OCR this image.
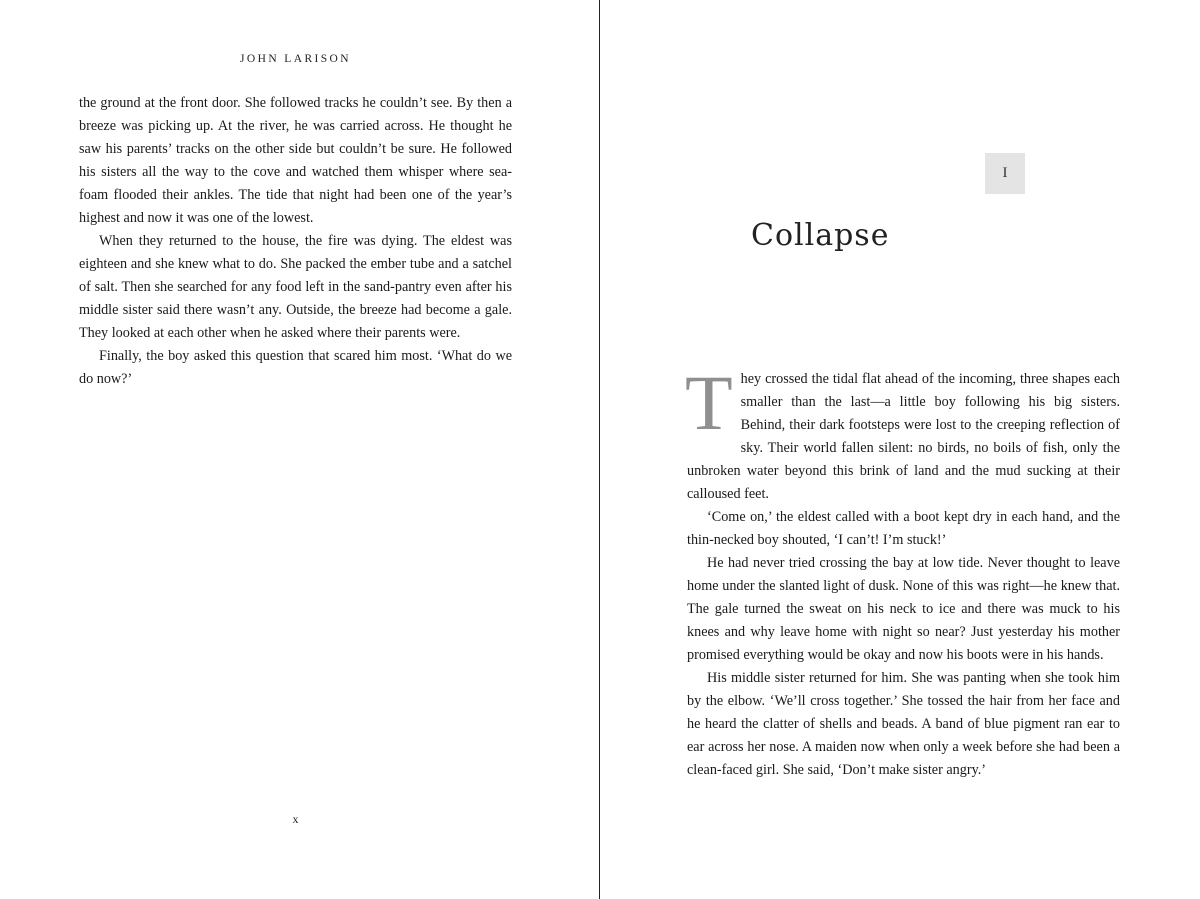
JOHN LARISON

the ground at the front door. She followed tracks he couldn’t see. By then a breeze was picking up. At the river, he was carried across. He thought he saw his parents’ tracks on the other side but couldn’t be sure. He followed his sisters all the way to the cove and watched them whisper where sea-foam flooded their ankles. The tide that night had been one of the year’s highest and now it was one of the lowest.

When they returned to the house, the fire was dying. The eldest was eighteen and she knew what to do. She packed the ember tube and a satchel of salt. Then she searched for any food left in the sand-pantry even after his middle sister said there wasn’t any. Outside, the breeze had become a gale. They looked at each other when he asked where their parents were.

Finally, the boy asked this question that scared him most. ‘What do we do now?’

x
I
Collapse

They crossed the tidal flat ahead of the incoming, three shapes each smaller than the last—a little boy following his big sisters. Behind, their dark footsteps were lost to the creeping reflection of sky. Their world fallen silent: no birds, no boils of fish, only the unbroken water beyond this brink of land and the mud sucking at their calloused feet.

‘Come on,’ the eldest called with a boot kept dry in each hand, and the thin-necked boy shouted, ‘I can’t! I’m stuck!’

He had never tried crossing the bay at low tide. Never thought to leave home under the slanted light of dusk. None of this was right—he knew that. The gale turned the sweat on his neck to ice and there was muck to his knees and why leave home with night so near? Just yesterday his mother promised everything would be okay and now his boots were in his hands.

His middle sister returned for him. She was panting when she took him by the elbow. ‘We’ll cross together.’ She tossed the hair from her face and he heard the clatter of shells and beads. A band of blue pigment ran ear to ear across her nose. A maiden now when only a week before she had been a clean-faced girl. She said, ‘Don’t make sister angry.’
